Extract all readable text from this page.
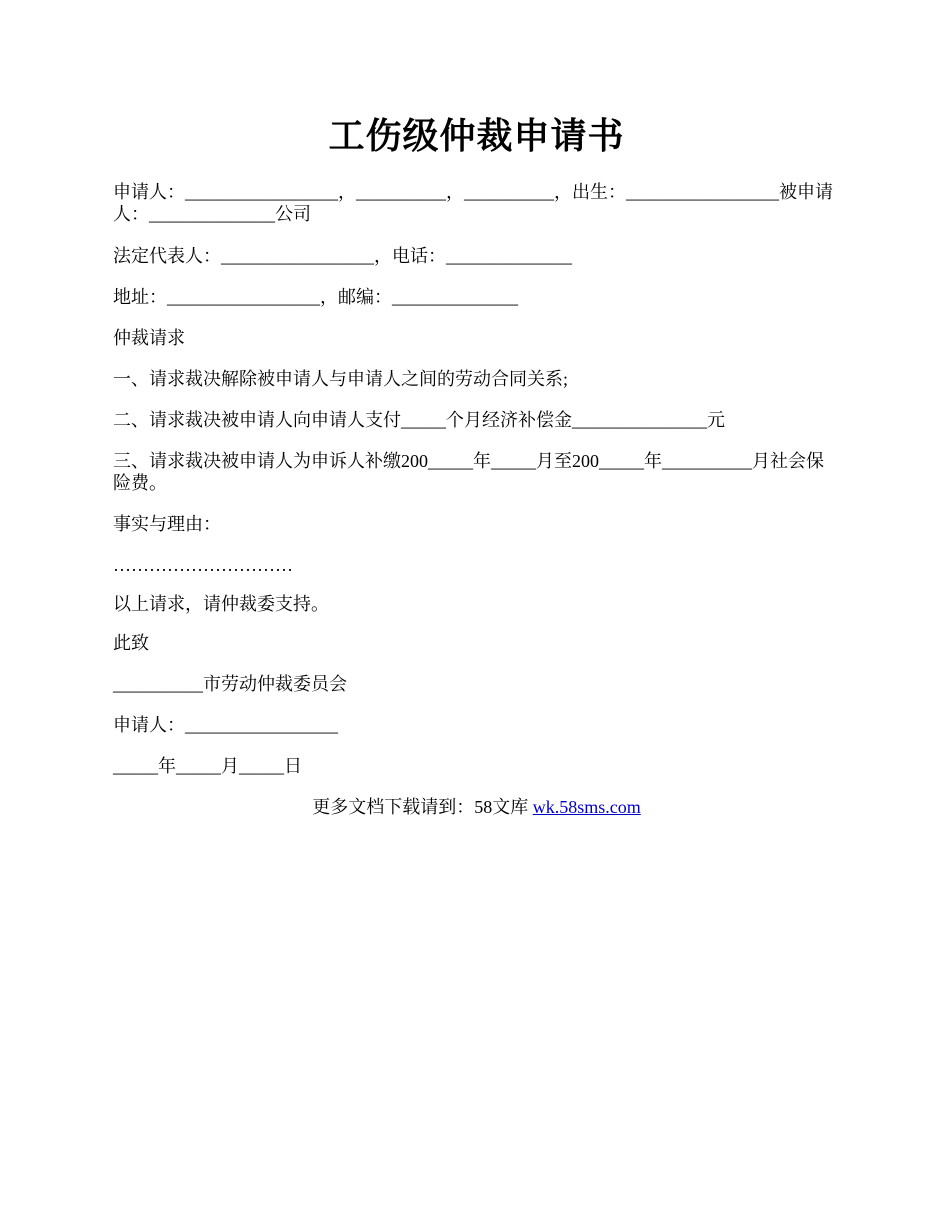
工伤级仲裁申请书
申请人：_________________，__________，__________，出生：_________________被申请人：______________公司
法定代表人：_________________，电话：______________
地址：_________________，邮编：______________
仲裁请求
一、请求裁决解除被申请人与申请人之间的劳动合同关系;
二、请求裁决被申请人向申请人支付_____个月经济补偿金_______________元
三、请求裁决被申请人为申诉人补缴200_____年_____月至200_____年__________月社会保险费。
事实与理由：
…………………………
以上请求，请仲裁委支持。
此致
__________市劳动仲裁委员会
申请人：_________________
_____年_____月_____日
更多文档下载请到：58文库 wk.58sms.com
